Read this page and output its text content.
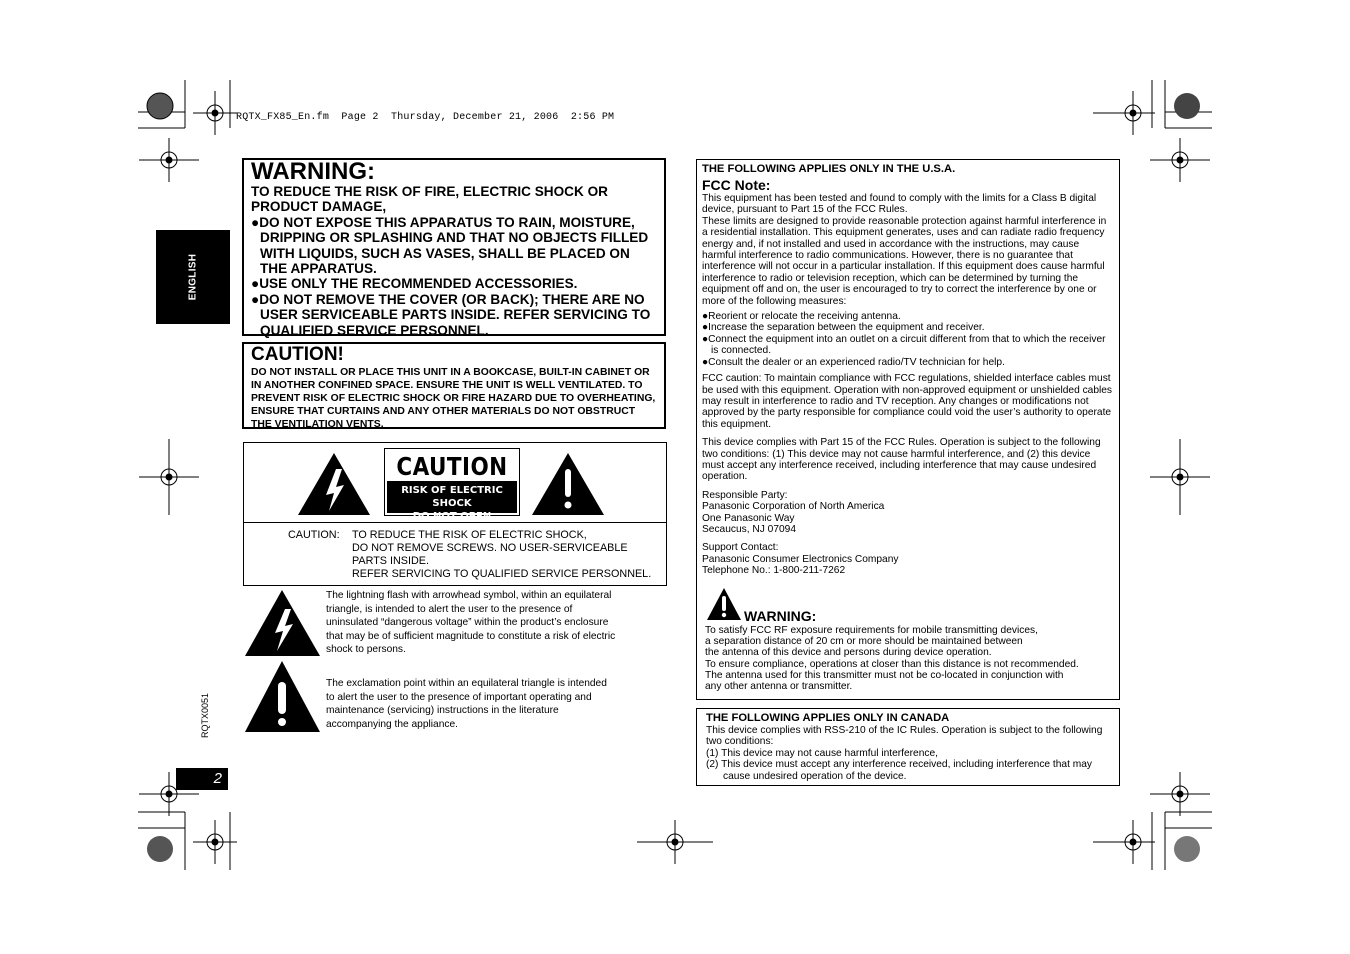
RQTX_FX85_En.fm  Page 2  Thursday, December 21, 2006  2:56 PM
ENGLISH
RQTX0051
2
WARNING:

TO REDUCE THE RISK OF FIRE, ELECTRIC SHOCK OR PRODUCT DAMAGE,

●DO NOT EXPOSE THIS APPARATUS TO RAIN, MOISTURE, DRIPPING OR SPLASHING AND THAT NO OBJECTS FILLED WITH LIQUIDS, SUCH AS VASES, SHALL BE PLACED ON THE APPARATUS.
●USE ONLY THE RECOMMENDED ACCESSORIES.
●DO NOT REMOVE THE COVER (OR BACK); THERE ARE NO USER SERVICEABLE PARTS INSIDE. REFER SERVICING TO QUALIFIED SERVICE PERSONNEL.
CAUTION!

DO NOT INSTALL OR PLACE THIS UNIT IN A BOOKCASE, BUILT-IN CABINET OR IN ANOTHER CONFINED SPACE. ENSURE THE UNIT IS WELL VENTILATED. TO PREVENT RISK OF ELECTRIC SHOCK OR FIRE HAZARD DUE TO OVERHEATING, ENSURE THAT CURTAINS AND ANY OTHER MATERIALS DO NOT OBSTRUCT THE VENTILATION VENTS.

CAUTION
RISK OF ELECTRIC SHOCK
DO NOT OPEN
CAUTION: TO REDUCE THE RISK OF ELECTRIC SHOCK,
DO NOT REMOVE SCREWS. NO USER-SERVICEABLE
PARTS INSIDE.
REFER SERVICING TO QUALIFIED SERVICE PERSONNEL.
The lightning flash with arrowhead symbol, within an equilateral triangle, is intended to alert the user to the presence of uninsulated “dangerous voltage” within the product’s enclosure that may be of sufficient magnitude to constitute a risk of electric shock to persons.
The exclamation point within an equilateral triangle is intended to alert the user to the presence of important operating and maintenance (servicing) instructions in the literature accompanying the appliance.
THE FOLLOWING APPLIES ONLY IN THE U.S.A.
FCC Note:

This equipment has been tested and found to comply with the limits for a Class B digital device, pursuant to Part 15 of the FCC Rules.

These limits are designed to provide reasonable protection against harmful interference in a residential installation. This equipment generates, uses and can radiate radio frequency energy and, if not installed and used in accordance with the instructions, may cause harmful interference to radio communications. However, there is no guarantee that interference will not occur in a particular installation. If this equipment does cause harmful interference to radio or television reception, which can be determined by turning the equipment off and on, the user is encouraged to try to correct the interference by one or more of the following measures:

●Reorient or relocate the receiving antenna.
●Increase the separation between the equipment and receiver.
●Connect the equipment into an outlet on a circuit different from that to which the receiver is connected.
●Consult the dealer or an experienced radio/TV technician for help.

FCC caution: To maintain compliance with FCC regulations, shielded interface cables must be used with this equipment. Operation with non-approved equipment or unshielded cables may result in interference to radio and TV reception. Any changes or modifications not approved by the party responsible for compliance could void the user’s authority to operate this equipment.

This device complies with Part 15 of the FCC Rules. Operation is subject to the following two conditions: (1) This device may not cause harmful interference, and (2) this device must accept any interference received, including interference that may cause undesired operation.

Responsible Party:

Panasonic Corporation of North America

One Panasonic Way

Secaucus, NJ 07094

Support Contact:

Panasonic Consumer Electronics Company

Telephone No.: 1-800-211-7262

WARNING:
To satisfy FCC RF exposure requirements for mobile transmitting devices,
a separation distance of 20 cm or more should be maintained between
the antenna of this device and persons during device operation.
To ensure compliance, operations at closer than this distance is not recommended.
The antenna used for this transmitter must not be co-located in conjunction with
any other antenna or transmitter.
THE FOLLOWING APPLIES ONLY IN CANADA

This device complies with RSS-210 of the IC Rules. Operation is subject to the following two conditions:

(1) This device may not cause harmful interference,

(2) This device must accept any interference received, including interference that may cause undesired operation of the device.
